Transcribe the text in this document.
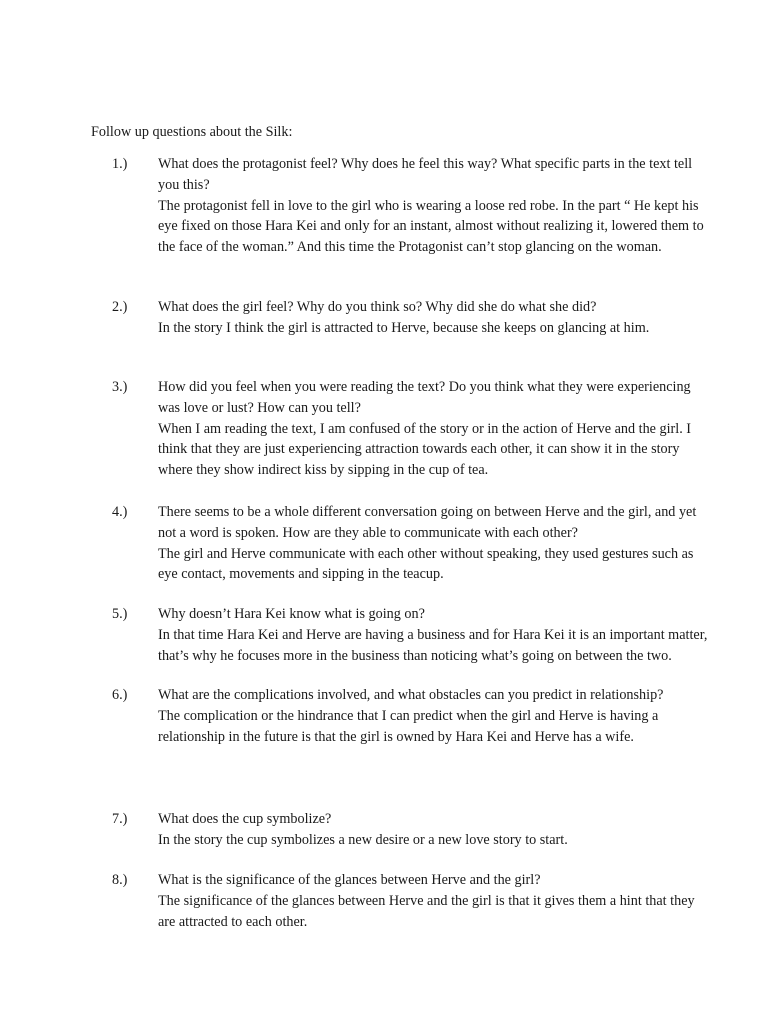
Follow up questions about the Silk:
1.) What does the protagonist feel? Why does he feel this way? What specific parts in the text tell you this?

The protagonist fell in love to the girl who is wearing a loose red robe. In the part “ He kept his eye fixed on those Hara Kei and only for an instant, almost without realizing it, lowered them to the face of the woman.” And this time the Protagonist can’t stop glancing on the woman.

2.) What does the girl feel? Why do you think so? Why did she do what she did?

In the story I think the girl is attracted to Herve, because she keeps on glancing at him.

3.) How did you feel when you were reading the text? Do you think what they were experiencing was love or lust? How can you tell?

When I am reading the text, I am confused of the story or in the action of Herve and the girl. I think that they are just experiencing attraction towards each other, it can show it in the story where they show indirect kiss by sipping in the cup of tea.

4.) There seems to be a whole different conversation going on between Herve and the girl, and yet not a word is spoken. How are they able to communicate with each other?

The girl and Herve communicate with each other without speaking, they used gestures such as eye contact, movements and sipping in the teacup.

5.) Why doesn’t Hara Kei know what is going on?

In that time Hara Kei and Herve are having a business and for Hara Kei it is an important matter, that’s why he focuses more in the business than noticing what’s going on between the two.

6.) What are the complications involved, and what obstacles can you predict in relationship?

The complication or the hindrance that I can predict when the girl and Herve is having a relationship in the future is that the girl is owned by Hara Kei and Herve has a wife.

7.) What does the cup symbolize?

In the story the cup symbolizes a new desire or a new love story to start.

8.) What is the significance of the glances between Herve and the girl?

The significance of the glances between Herve and the girl is that it gives them a hint that they are attracted to each other.
